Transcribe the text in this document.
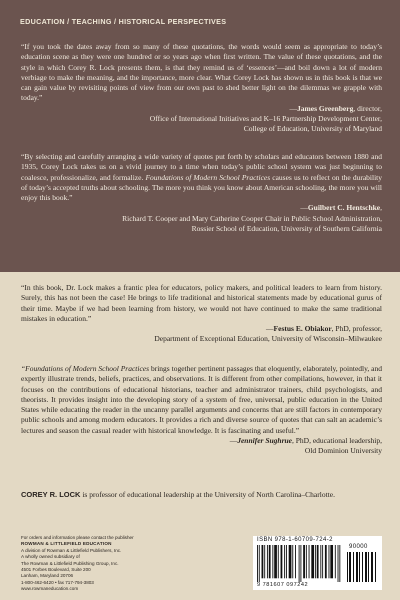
EDUCATION / TEACHING / HISTORICAL PERSPECTIVES
“If you took the dates away from so many of these quotations, the words would seem as appropriate to today’s education scene as they were one hundred or so years ago when first written. The value of these quotations, and the style in which Corey R. Lock presents them, is that they remind us of ‘essences’—and boil down a lot of modern verbiage to make the meaning, and the importance, more clear. What Corey Lock has shown us in this book is that we can gain value by revisiting points of view from our own past to shed better light on the dilemmas we grapple with today.”
—James Greenberg, director,
Office of International Initiatives and K–16 Partnership Development Center,
College of Education, University of Maryland
“By selecting and carefully arranging a wide variety of quotes put forth by scholars and educators between 1880 and 1935, Corey Lock takes us on a vivid journey to a time when today’s public school system was just beginning to coalesce, professionalize, and formalize. Foundations of Modern School Practices causes us to reflect on the durability of today’s accepted truths about schooling. The more you think you know about American schooling, the more you will enjoy this book.”
—Guilbert C. Hentschke,
Richard T. Cooper and Mary Catherine Cooper Chair in Public School Administration,
Rossier School of Education, University of Southern California
“In this book, Dr. Lock makes a frantic plea for educators, policy makers, and political leaders to learn from history. Surely, this has not been the case! He brings to life traditional and historical statements made by educational gurus of their time. Maybe if we had been learning from history, we would not have continued to make the same traditional mistakes in education.”
—Festus E. Obiakor, PhD, professor,
Department of Exceptional Education, University of Wisconsin–Milwaukee
“Foundations of Modern School Practices brings together pertinent passages that eloquently, elaborately, pointedly, and expertly illustrate trends, beliefs, practices, and observations. It is different from other compilations, however, in that it focuses on the contributions of educational historians, teacher and administrator trainers, child psychologists, and theorists. It provides insight into the developing story of a system of free, universal, public education in the United States while educating the reader in the uncanny parallel arguments and concerns that are still factors in contemporary public schools and among modern educators. It provides a rich and diverse source of quotes that can salt an academic’s lectures and season the casual reader with historical knowledge. It is fascinating and useful.”
—Jennifer Sughrue, PhD, educational leadership,
Old Dominion University
COREY R. LOCK is professor of educational leadership at the University of North Carolina–Charlotte.
For orders and information please contact the publisher
ROWMAN & LITTLEFIELD EDUCATION
A division of Rowman & Littlefield Publishers, Inc.
A wholly owned subsidiary of
The Rowman & Littlefield Publishing Group, Inc.
4501 Forbes Boulevard, Suite 200
Lanham, Maryland 20706
1-800-462-6420 • fax 717-794-3803
www.rowmaneducation.com
ISBN 978-1-60709-724-2
90000
9 781607 097242
